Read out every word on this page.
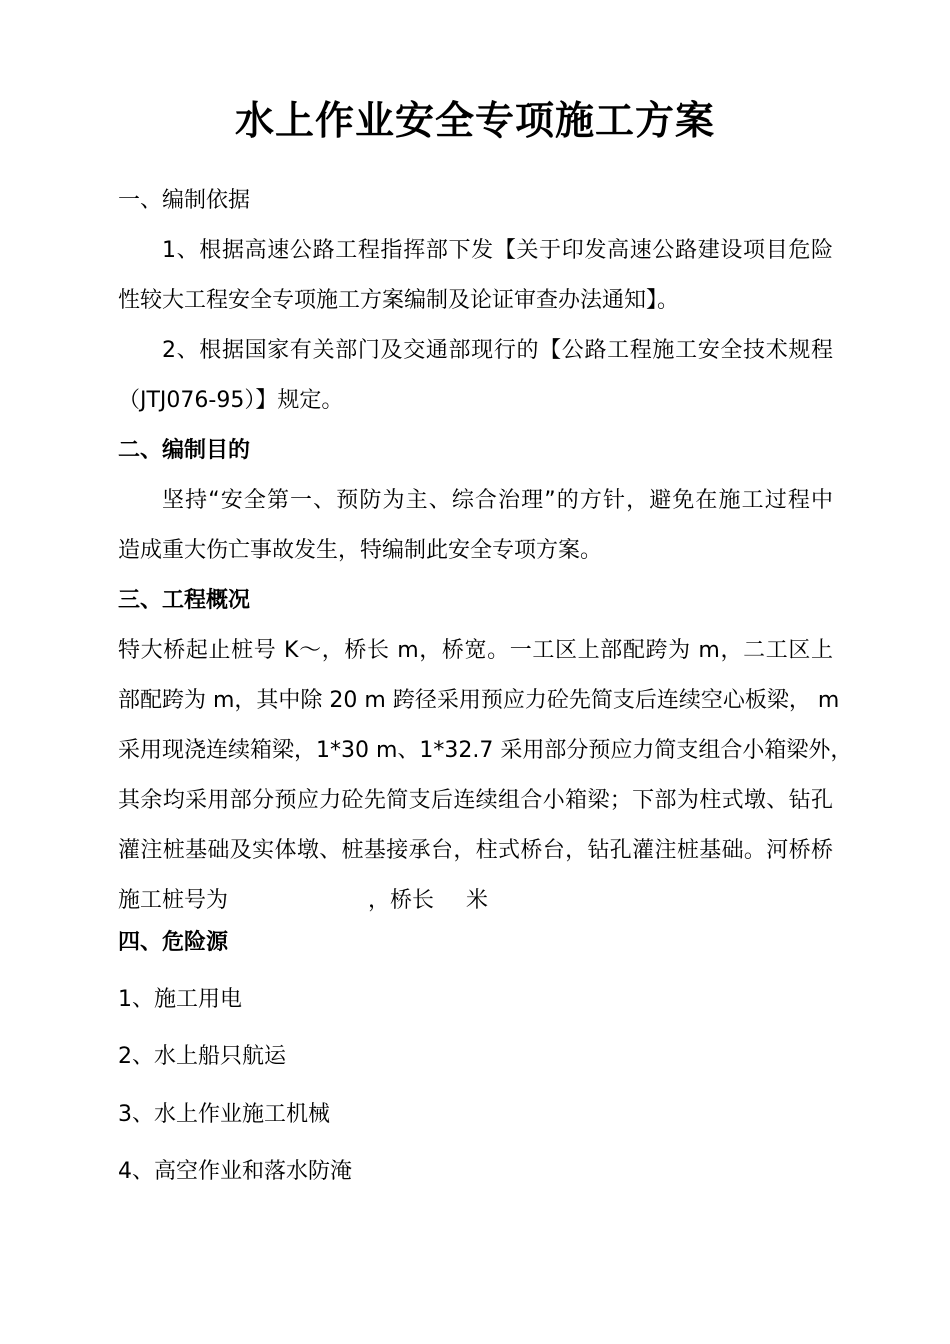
水上作业安全专项施工方案
一、编制依据
1、根据高速公路工程指挥部下发【关于印发高速公路建设项目危险
性较大工程安全专项施工方案编制及论证审查办法通知】。
2、根据国家有关部门及交通部现行的【公路工程施工安全技术规程
（JTJ076-95）】规定。
二、编制目的
坚持“安全第一、预防为主、综合治理”的方针，避免在施工过程中
造成重大伤亡事故发生，特编制此安全专项方案。
三、工程概况
特大桥起止桩号 K～，桥长 m，桥宽。一工区上部配跨为 m，二工区上
部配跨为 m，其中除 20 m 跨径采用预应力砼先简支后连续空心板梁， m
采用现浇连续箱梁，1*30 m、1*32.7 采用部分预应力简支组合小箱梁外，
其余均采用部分预应力砼先简支后连续组合小箱梁；下部为柱式墩、钻孔
灌注桩基础及实体墩、桩基接承台，柱式桥台，钻孔灌注桩基础。河桥桥
施工桩号为	，桥长 米
四、危险源
1、施工用电
2、水上船只航运
3、水上作业施工机械
4、高空作业和落水防淹
